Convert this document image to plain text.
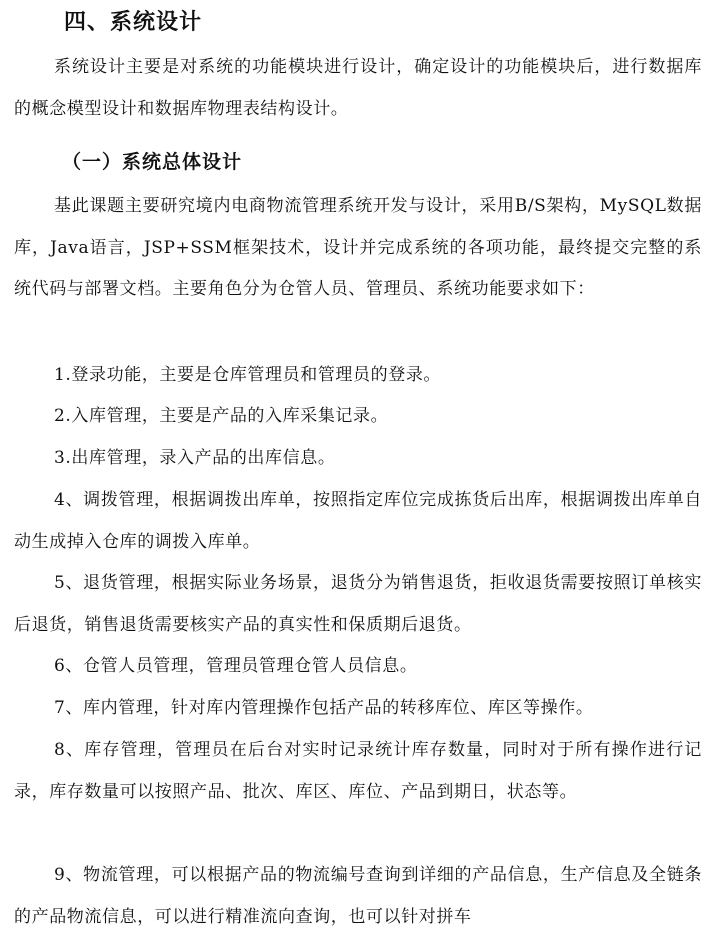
四、系统设计

系统设计主要是对系统的功能模块进行设计，确定设计的功能模块后，进行数据库的概念模型设计和数据库物理表结构设计。

（一）系统总体设计

基此课题主要研究境内电商物流管理系统开发与设计，采用B/S架构，MySQL数据库，Java语言，JSP+SSM框架技术，设计并完成系统的各项功能，最终提交完整的系统代码与部署文档。主要角色分为仓管人员、管理员、系统功能要求如下：

1.登录功能，主要是仓库管理员和管理员的登录。

2.入库管理，主要是产品的入库采集记录。

3.出库管理，录入产品的出库信息。

4、调拨管理，根据调拨出库单，按照指定库位完成拣货后出库，根据调拨出库单自动生成掉入仓库的调拨入库单。

5、退货管理，根据实际业务场景，退货分为销售退货，拒收退货需要按照订单核实后退货，销售退货需要核实产品的真实性和保质期后退货。

6、仓管人员管理，管理员管理仓管人员信息。

7、库内管理，针对库内管理操作包括产品的转移库位、库区等操作。

8、库存管理，管理员在后台对实时记录统计库存数量，同时对于所有操作进行记录，库存数量可以按照产品、批次、库区、库位、产品到期日，状态等。

9、物流管理，可以根据产品的物流编号查询到详细的产品信息，生产信息及全链条的产品物流信息，可以进行精准流向查询，也可以针对拼车
